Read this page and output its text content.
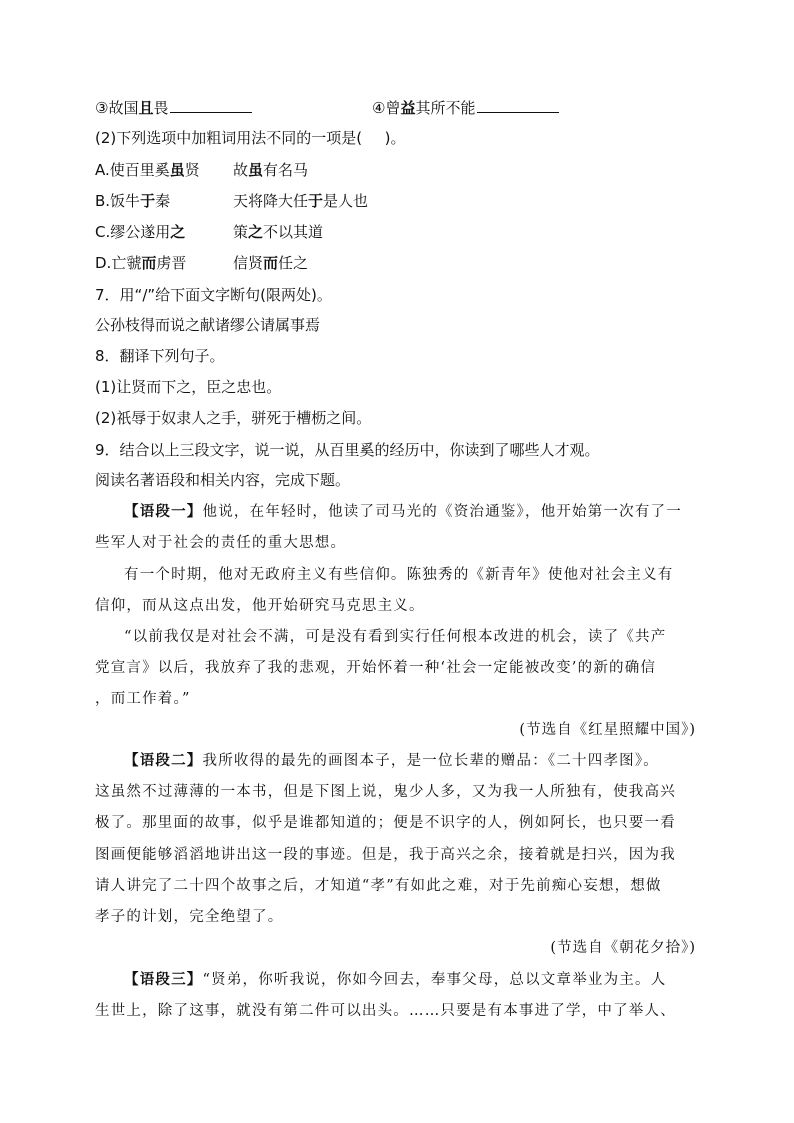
③故国且畏	④曾益其所不能
(2)下列选项中加粗词用法不同的一项是(  )。
A.使百里奚虽贤 故虽有名马
B.饭牛于秦	天将降大任于是人也
C.缪公遂用之	策之不以其道
D.亡虢而虏晋	信贤而任之
7．用“/”给下面文字断句(限两处)。
公孙枝得而说之献诸缪公请属事焉
8．翻译下列句子。
(1)让贤而下之，臣之忠也。
(2)祇辱于奴隶人之手，骈死于槽枥之间。
9．结合以上三段文字，说一说，从百里奚的经历中，你读到了哪些人才观。
阅读名著语段和相关内容，完成下题。
【语段一】他说，在年轻时，他读了司马光的《资治通鉴》，他开始第一次有了一
些军人对于社会的责任的重大思想。
有一个时期，他对无政府主义有些信仰。陈独秀的《新青年》使他对社会主义有
信仰，而从这点出发，他开始研究马克思主义。
“以前我仅是对社会不满，可是没有看到实行任何根本改进的机会，读了《共产
党宣言》以后，我放弃了我的悲观，开始怀着一种‘社会一定能被改变’的新的确信
，而工作着。”
(节选自《红星照耀中国》)
【语段二】我所收得的最先的画图本子，是一位长辈的赠品：《二十四孝图》。
这虽然不过薄薄的一本书，但是下图上说，鬼少人多，又为我一人所独有，使我高兴
极了。那里面的故事，似乎是谁都知道的；便是不识字的人，例如阿长，也只要一看
图画便能够滔滔地讲出这一段的事迹。但是，我于高兴之余，接着就是扫兴，因为我
请人讲完了二十四个故事之后，才知道“孝”有如此之难，对于先前痴心妄想，想做
孝子的计划，完全绝望了。
(节选自《朝花夕拾》)
【语段三】“贤弟，你听我说，你如今回去，奉事父母，总以文章举业为主。人
生世上，除了这事，就没有第二件可以出头。……只要是有本事进了学，中了举人、
